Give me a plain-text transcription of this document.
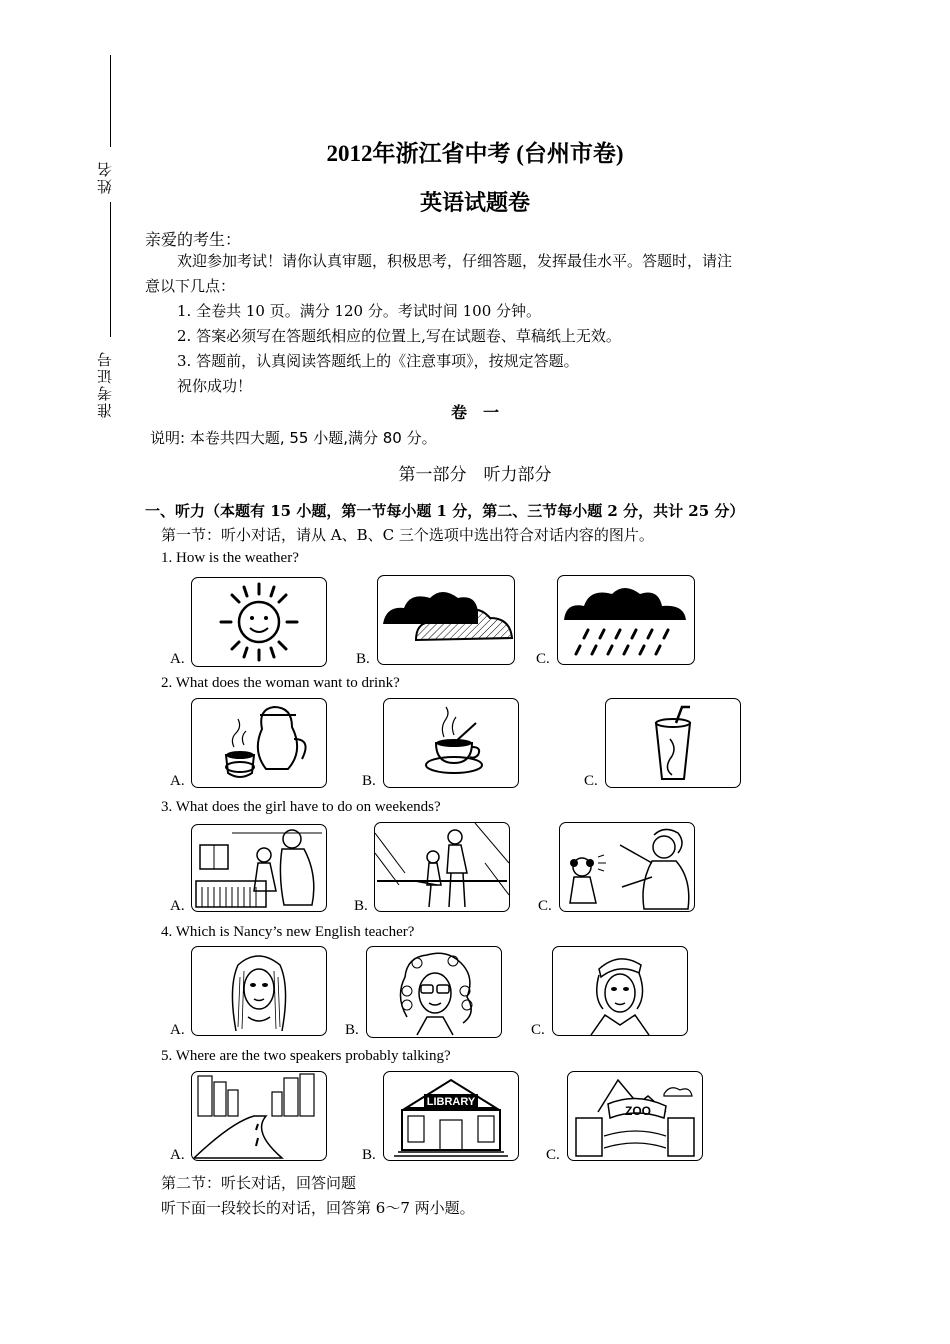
姓名
准考证号
2012年浙江省中考 (台州市卷)
英语试题卷
亲爱的考生：
欢迎参加考试！请你认真审题，积极思考，仔细答题，发挥最佳水平。答题时，请注
意以下几点：
1. 全卷共 10 页。满分 120 分。考试时间 100 分钟。
2. 答案必须写在答题纸相应的位置上,写在试题卷、草稿纸上无效。
3. 答题前，认真阅读答题纸上的《注意事项》，按规定答题。
祝你成功！
卷　一
说明: 本卷共四大题, 55 小题,满分 80 分。
第一部分　听力部分
一、听力（本题有 15 小题，第一节每小题 1 分，第二、三节每小题 2 分，共计 25 分）
第一节：听小对话，请从 A、B、C 三个选项中选出符合对话内容的图片。
1. How is the weather?
A.	B.	C.
2. What does the woman want to drink?
A.	B.	C.
3. What does the girl have to do on weekends?
A.	B.	C.
4. Which is Nancy’s new English teacher?
A.	B.	C.
5. Where are the two speakers probably talking?
A.	B.
LIBRARY
C.
ZOO
第二节：听长对话，回答问题
听下面一段较长的对话，回答第 6～7 两小题。
